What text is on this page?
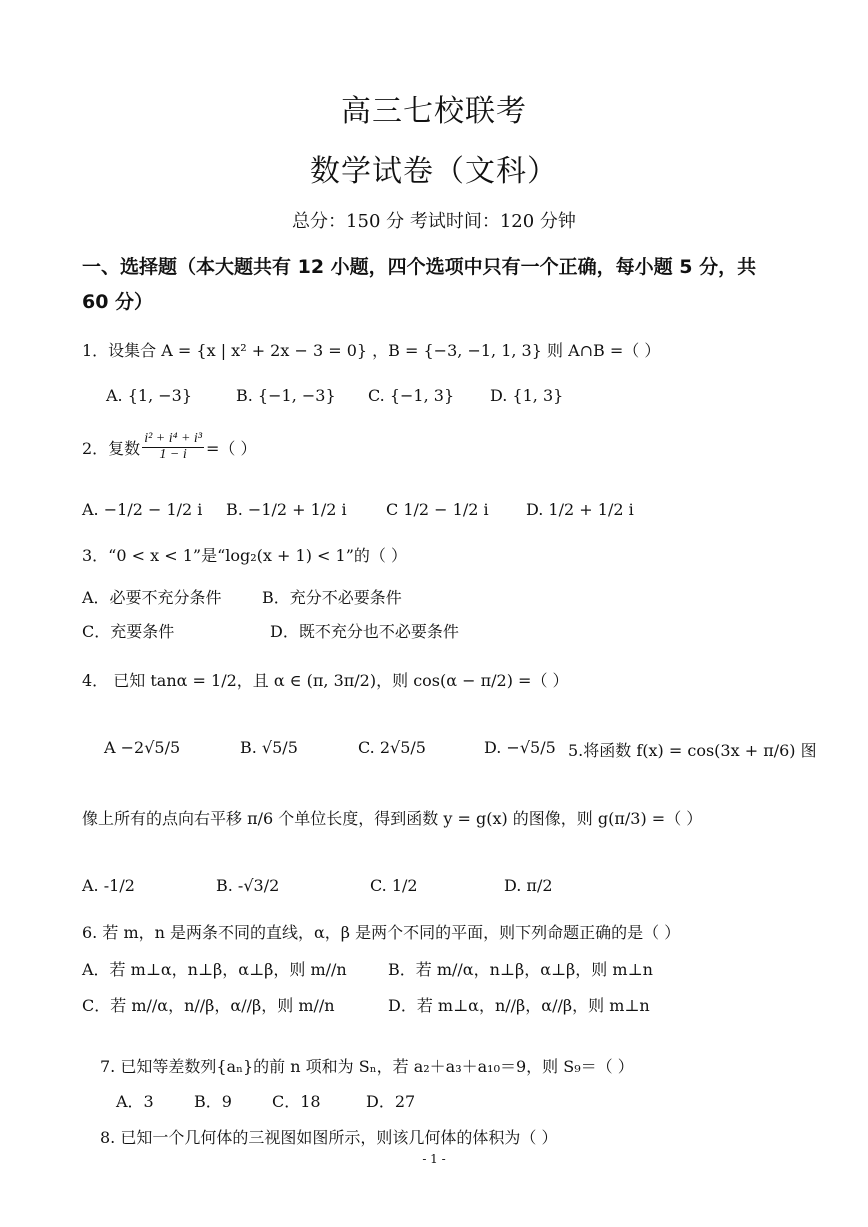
高三七校联考
数学试卷（文科）
总分：150 分 考试时间：120 分钟
一、选择题（本大题共有 12 小题，四个选项中只有一个正确，每小题 5 分，共
60 分）
1．设集合 A = {x | x² + 2x − 3 = 0} ，B = {−3, −1, 1, 3} 则 A∩B =（ ）
A. {1, −3}	B. {−1, −3} C. {−1, 3} D. {1, 3}
2．复数 $\frac{\text{i² + i⁴ + i³}}{1 - i}$ =（ ）
A. −1/2 − 1/2 i B. −1/2 + 1/2 i C 1/2 − 1/2 i D. 1/2 + 1/2 i
3．“0 < x < 1”是“log₂(x + 1) < 1”的（ ）
A．必要不充分条件	B．充分不必要条件
C．充要条件	D．既不充分也不必要条件
4． 已知 tanα = 1/2，且 α ∈ (π, 3π/2)，则 cos(α − π/2) =（ ）
A −2√5/5	B. √5/5	C. 2√5/5	D. −√5/5 5.将函数 f(x) = cos(3x + π/6) 图
像上所有的点向右平移 π/6 个单位长度，得到函数 y = g(x) 的图像，则 g(π/3) =（ ）
A. -1/2	B. -√3/2	C. 1/2	D. π/2
6. 若 m，n 是两条不同的直线，α，β 是两个不同的平面，则下列命题正确的是（ ）
A．若 m⊥α，n⊥β，α⊥β，则 m//n	B．若 m//α，n⊥β，α⊥β，则 m⊥n
C．若 m//α，n//β，α//β，则 m//n	D．若 m⊥α，n//β，α//β，则 m⊥n
7. 已知等差数列{aₙ}的前 n 项和为 Sₙ，若 a₂＋a₃＋a₁₀＝9，则 S₉＝（ ）
A．3	B．9	C．18	D．27
8. 已知一个几何体的三视图如图所示，则该几何体的体积为（ ）
- 1 -
